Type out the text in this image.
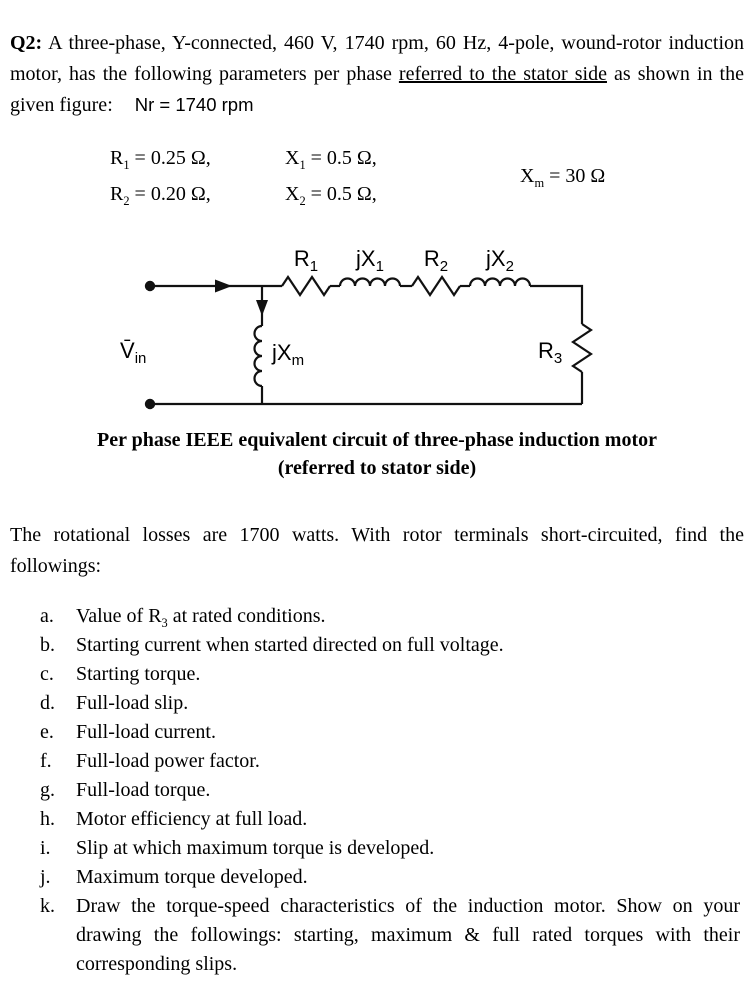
Q2: A three-phase, Y-connected, 460 V, 1740 rpm, 60 Hz, 4-pole, wound-rotor induction motor, has the following parameters per phase referred to the stator side as shown in the given figure: Nr = 1740 rpm

$R_1 = 0.25$ Ω,	$X_1 = 0.5$ Ω,
$R_2 = 0.20$ Ω,	$X_2 = 0.5$ Ω,
$X_m = 30$ Ω
$R_1$ $jX_1$ $R_2$ $jX_2$
$V̄_{in}$	$jX_m$	$R_3$
Per phase IEEE equivalent circuit of three-phase induction motor
(referred to stator side)

The rotational losses are 1700 watts. With rotor terminals short-circuited, find the followings:

a.	Value of $R_3$ at rated conditions.
b.	Starting current when started directed on full voltage.
c.	Starting torque.
d.	Full-load slip.
e.	Full-load current.
f.	Full-load power factor.
g.	Full-load torque.
h.	Motor efficiency at full load.
i.	Slip at which maximum torque is developed.
j.	Maximum torque developed.
k.	Draw the torque-speed characteristics of the induction motor. Show on your drawing the followings: starting, maximum & full rated torques with their corresponding slips.
